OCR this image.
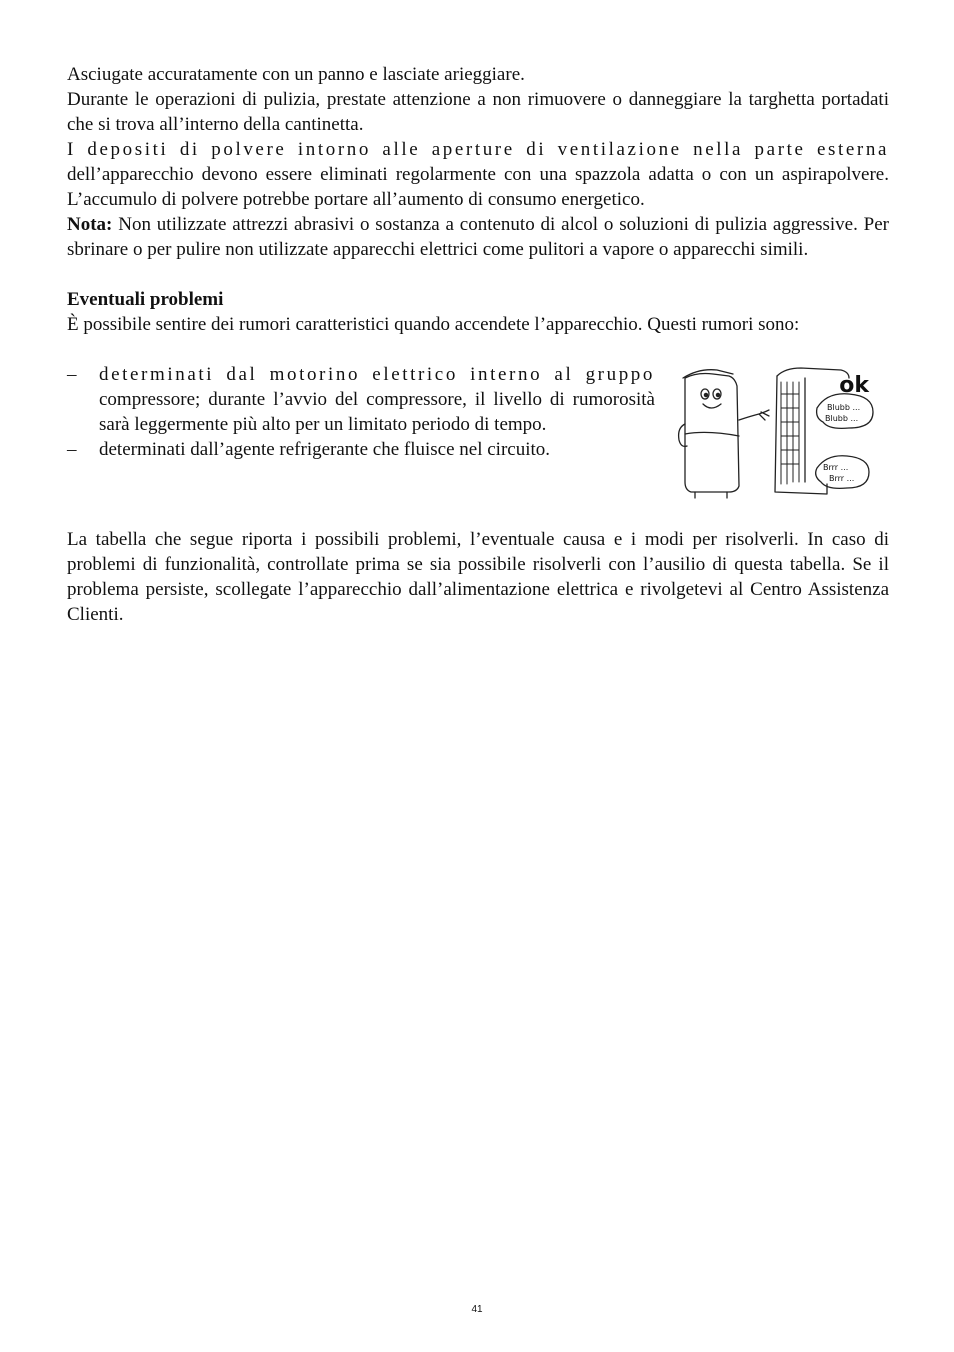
Asciugate accuratamente con un panno e lasciate arieggiare.

Durante le operazioni di pulizia, prestate attenzione a non rimuovere o danneggiare la targhetta portadati che si trova all’interno della cantinetta.

I depositi di polvere intorno alle aperture di ventilazione nella parte esterna dell’apparecchio devono essere eliminati regolarmente con una spazzola adatta o con un aspirapolvere. L’accumulo di polvere potrebbe portare all’aumento di consumo energetico.

Nota: Non utilizzate attrezzi abrasivi o sostanza a contenuto di alcol o soluzioni di pulizia aggressive. Per sbrinare o per pulire non utilizzate apparecchi elettrici come pulitori a vapore o apparecchi simili.

Eventuali problemi

È possibile sentire dei rumori caratteristici quando accendete l’apparecchio. Questi rumori sono:

– determinati dal motorino elettrico interno al gruppo compressore; durante l’avvio del compressore, il livello di rumorosità sarà leggermente più alto per un limitato periodo di tempo.
– determinati dall’agente refrigerante che fluisce nel circuito.
ok
Blubb ...
Blubb ...
Brrr ...
Brrr ...

La tabella che segue riporta i possibili problemi, l’eventuale causa e i modi per risolverli. In caso di problemi di funzionalità, controllate prima se sia possibile risolverli con l’ausilio di questa tabella. Se il problema persiste, scollegate l’apparecchio dall’alimentazione elettrica e rivolgetevi al Centro Assistenza Clienti.

41
